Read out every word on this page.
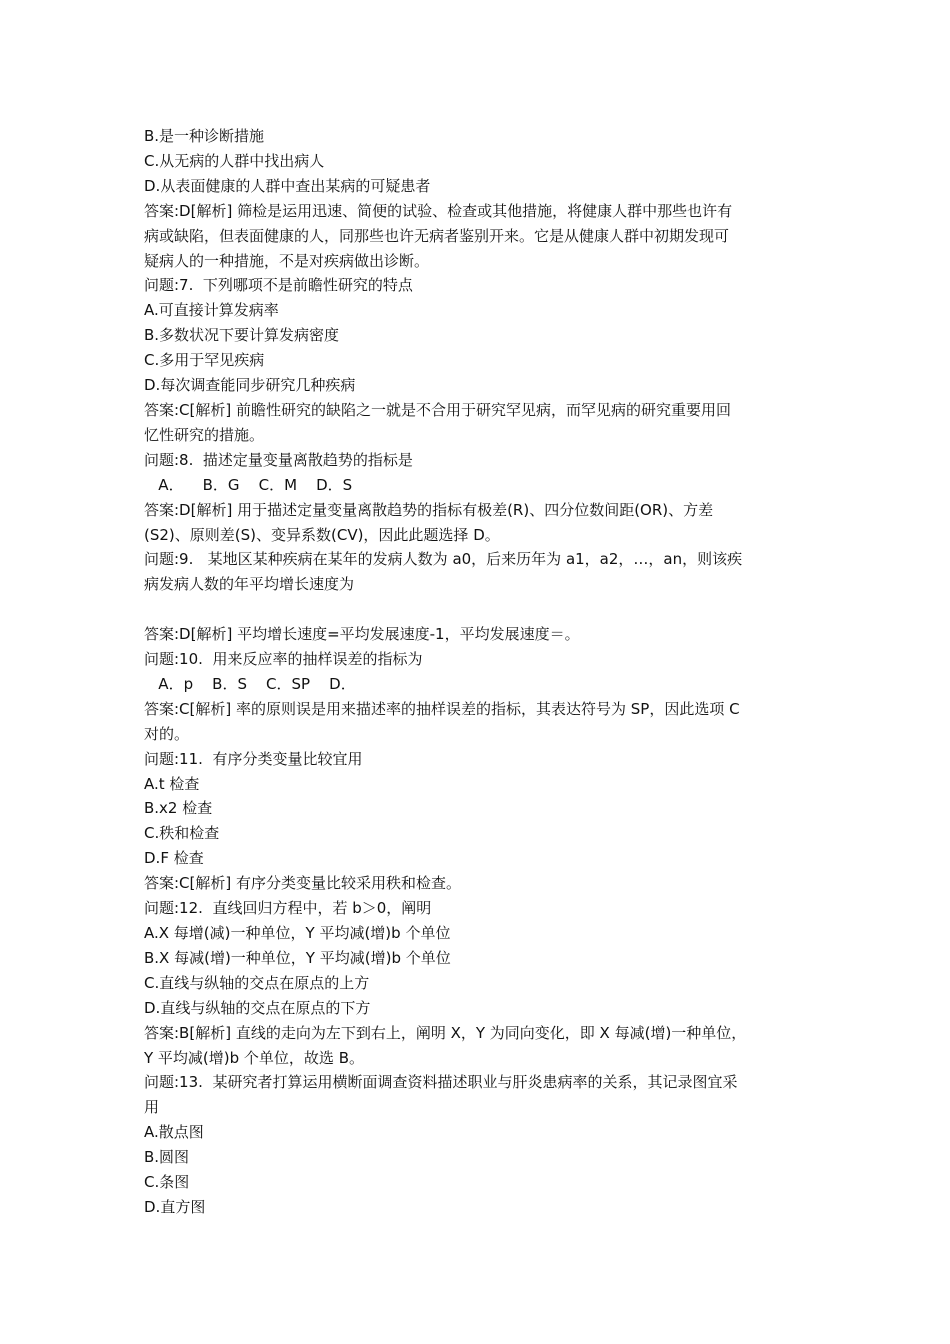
B.是一种诊断措施

C.从无病的人群中找出病人

D.从表面健康的人群中查出某病的可疑患者

答案:D[解析] 筛检是运用迅速、简便的试验、检查或其他措施，将健康人群中那些也许有

病或缺陷，但表面健康的人，同那些也许无病者鉴别开来。它是从健康人群中初期发现可

疑病人的一种措施，不是对疾病做出诊断。

问题:7.  下列哪项不是前瞻性研究的特点

A.可直接计算发病率

B.多数状况下要计算发病密度

C.多用于罕见疾病

D.每次调查能同步研究几种疾病

答案:C[解析] 前瞻性研究的缺陷之一就是不合用于研究罕见病，而罕见病的研究重要用回

忆性研究的措施。

问题:8.  描述定量变量离散趋势的指标是

A．    B．G    C．M    D．S

答案:D[解析] 用于描述定量变量离散趋势的指标有极差(R)、四分位数间距(OR)、方差

(S2)、原则差(S)、变异系数(CV)，因此此题选择 D。

问题:9.   某地区某种疾病在某年的发病人数为 a0，后来历年为 a1，a2，…，an，则该疾

病发病人数的年平均增长速度为

答案:D[解析] 平均增长速度=平均发展速度-1，平均发展速度＝。

问题:10.  用来反应率的抽样误差的指标为

A．p    B．S    C．SP    D．

答案:C[解析] 率的原则误是用来描述率的抽样误差的指标，其表达符号为 SP，因此选项 C

对的。

问题:11.  有序分类变量比较宜用

A.t 检查

B.x2 检查

C.秩和检查

D.F 检查

答案:C[解析] 有序分类变量比较采用秩和检查。

问题:12.  直线回归方程中，若 b＞0，阐明

A.X 每增(减)一种单位，Y 平均减(增)b 个单位

B.X 每减(增)一种单位，Y 平均减(增)b 个单位

C.直线与纵轴的交点在原点的上方

D.直线与纵轴的交点在原点的下方

答案:B[解析] 直线的走向为左下到右上，阐明 X，Y 为同向变化，即 X 每减(增)一种单位，

Y 平均减(增)b 个单位，故选 B。

问题:13.  某研究者打算运用横断面调查资料描述职业与肝炎患病率的关系，其记录图宜采

用

A.散点图

B.圆图

C.条图

D.直方图
